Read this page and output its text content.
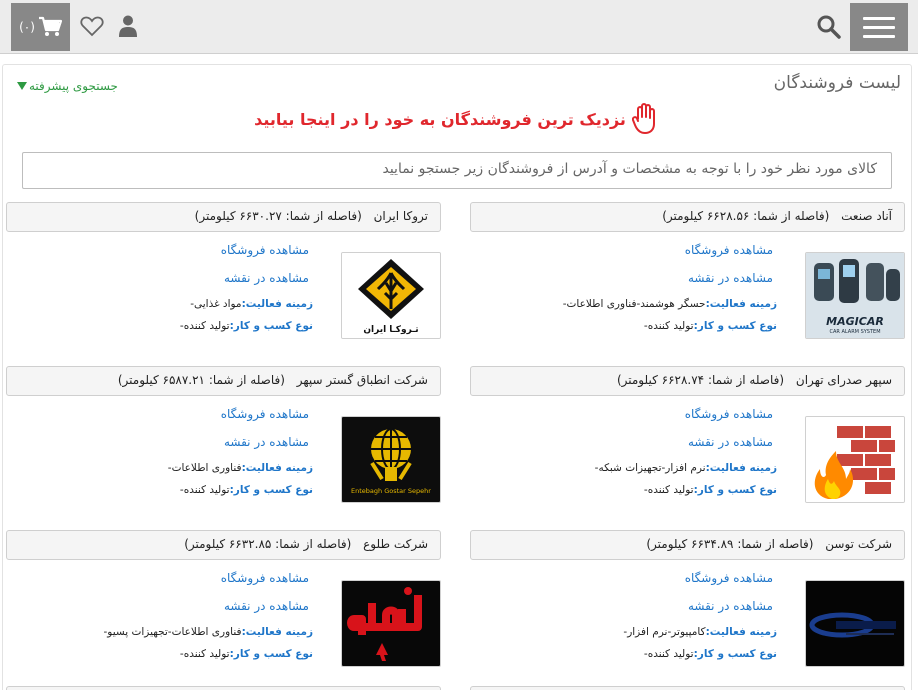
(۰)
لیست فروشندگان
جستجوی پیشرفته
نزدیک ترین فروشندگان به خود را در اینجا بیابید
کالای مورد نظر خود را با توجه به مشخصات و آدرس از فروشندگان زیر جستجو نمایید
آناد صنعت (فاصله از شما: ۶۶۲۸.۵۶ کیلومتر)
مشاهده فروشگاه
مشاهده در نقشه
زمینه فعالیت:حسگر هوشمند-فناوری اطلاعات-
نوع کسب و کار:تولید کننده-	MAGICAR
CAR ALARM SYSTEM
تروکا ایران (فاصله از شما: ۶۶۳۰.۲۷ کیلومتر)
مشاهده فروشگاه
مشاهده در نقشه
زمینه فعالیت:مواد غذایی-
نوع کسب و کار:تولید کننده-	تـروکـا ایران
سپهر صدرای تهران (فاصله از شما: ۶۶۲۸.۷۴ کیلومتر)
مشاهده فروشگاه
مشاهده در نقشه
زمینه فعالیت:نرم افزار-تجهیزات شبکه-
نوع کسب و کار:تولید کننده-
شرکت انطباق گستر سپهر (فاصله از شما: ۶۵۸۷.۲۱ کیلومتر)
مشاهده فروشگاه
مشاهده در نقشه
زمینه فعالیت:فناوری اطلاعات-
نوع کسب و کار:تولید کننده-	Entebagh Gostar Sepehr
شرکت توسن (فاصله از شما: ۶۶۳۴.۸۹ کیلومتر)
مشاهده فروشگاه
مشاهده در نقشه
زمینه فعالیت:کامپیوتر-نرم افزار-
نوع کسب و کار:تولید کننده-
شرکت طلوع (فاصله از شما: ۶۶۳۲.۸۵ کیلومتر)
مشاهده فروشگاه
مشاهده در نقشه
زمینه فعالیت:فناوری اطلاعات-تجهیزات پسیو-
نوع کسب و کار:تولید کننده-
